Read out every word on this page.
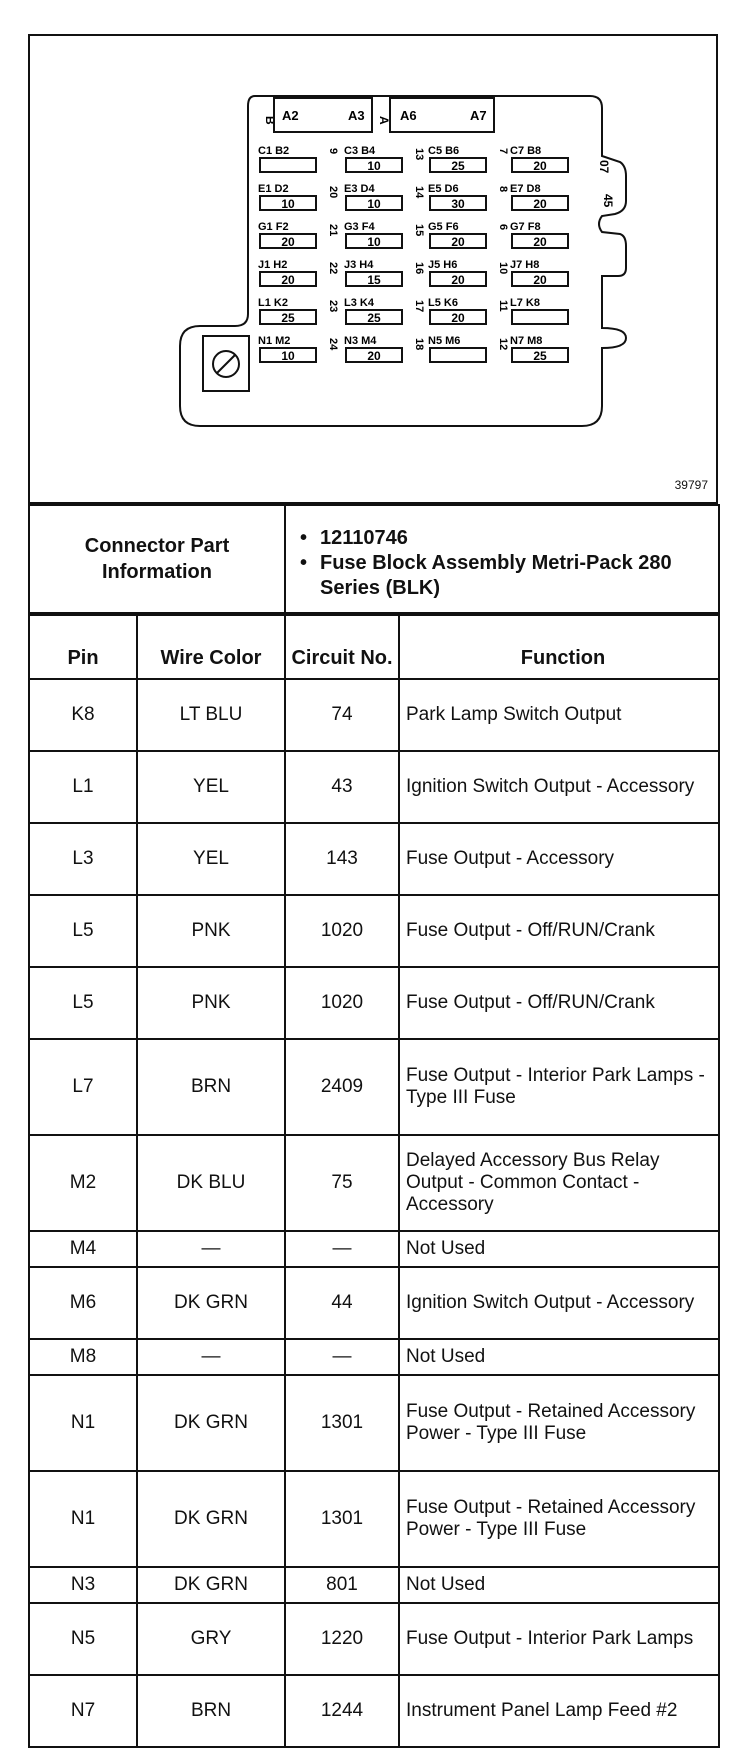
B A2	A3 A A6	A7
07
45
C1 B2	C3 B4
10
C5 B6
25
C7 B8
20
9	13	7
E1 D2
10
E3 D4
10
E5 D6
30
E7 D8
20
20	14	8
G1 F2
20
G3 F4
10
G5 F6
20
G7 F8
20
21	15	6
J1 H2
20
J3 H4
15
J5 H6
20
J7 H8
20
22	16	10
L1 K2
25
L3 K4
25
L5 K6
20
L7 K8
23	17	11
N1 M2
10
N3 M4
20
N5 M6	N7 M8
25
24	18	12
39797
Connector Part Information	
• 12110746
• Fuse Block Assembly Metri-Pack 280 Series (BLK)
Pin	Wire Color	Circuit No.	Function
K8	LT BLU	74	Park Lamp Switch Output
L1	YEL	43	Ignition Switch Output - Accessory
L3	YEL	143	Fuse Output - Accessory
L5	PNK	1020	Fuse Output - Off/RUN/Crank
L5	PNK	1020	Fuse Output - Off/RUN/Crank
L7	BRN	2409	Fuse Output - Interior Park Lamps - Type III Fuse
M2	DK BLU	75	Delayed Accessory Bus Relay Output - Common Contact - Accessory
M4	—	—	Not Used
M6	DK GRN	44	Ignition Switch Output - Accessory
M8	—	—	Not Used
N1	DK GRN	1301	Fuse Output - Retained Accessory Power - Type III Fuse
N1	DK GRN	1301	Fuse Output - Retained Accessory Power - Type III Fuse
N3	DK GRN	801	Not Used
N5	GRY	1220	Fuse Output - Interior Park Lamps
N7	BRN	1244	Instrument Panel Lamp Feed #2
